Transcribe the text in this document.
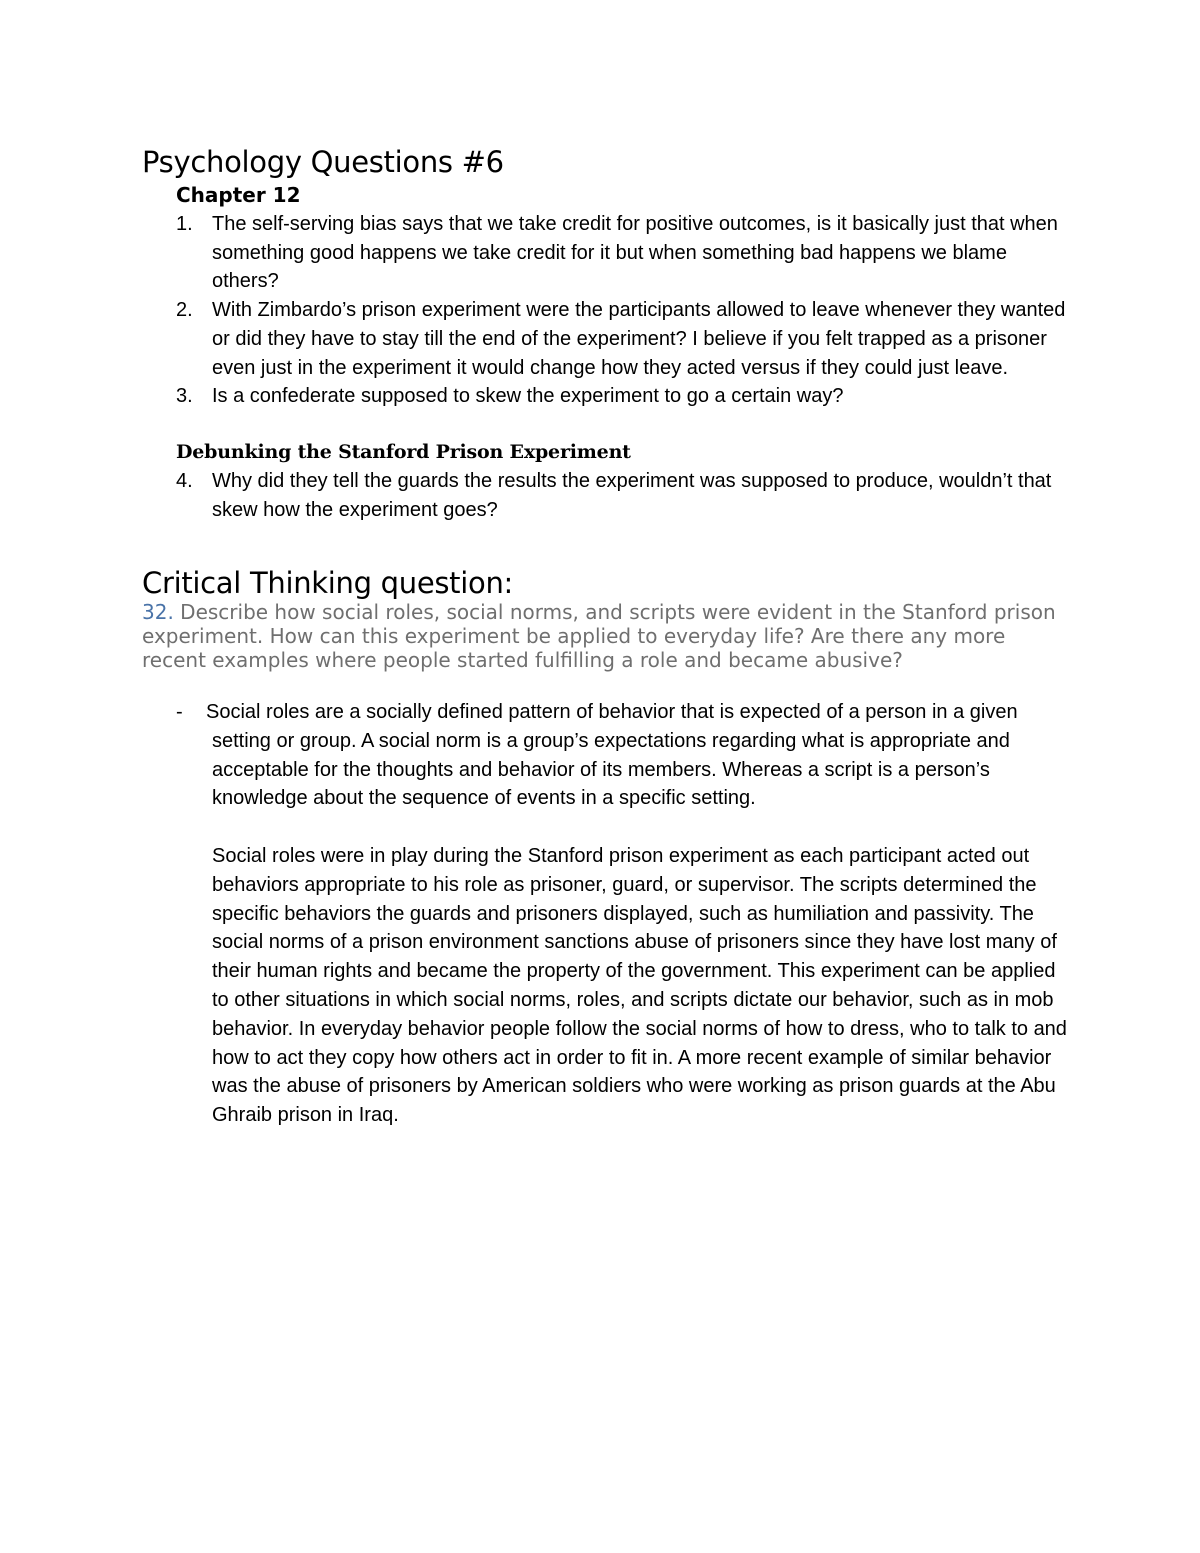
Psychology Questions #6
Chapter 12
1. The self-serving bias says that we take credit for positive outcomes, is it basically just that when something good happens we take credit for it but when something bad happens we blame others?
2. With Zimbardo’s prison experiment were the participants allowed to leave whenever they wanted or did they have to stay till the end of the experiment? I believe if you felt trapped as a prisoner even just in the experiment it would change how they acted versus if they could just leave.
3. Is a confederate supposed to skew the experiment to go a certain way?
Debunking the Stanford Prison Experiment
4. Why did they tell the guards the results the experiment was supposed to produce, wouldn’t that skew how the experiment goes?
Critical Thinking question:
32. Describe how social roles, social norms, and scripts were evident in the Stanford prison experiment. How can this experiment be applied to everyday life? Are there any more recent examples where people started fulfilling a role and became abusive?
- Social roles are a socially defined pattern of behavior that is expected of a person in a given setting or group. A social norm is a group’s expectations regarding what is appropriate and acceptable for the thoughts and behavior of its members. Whereas a script is a person’s knowledge about the sequence of events in a specific setting.

Social roles were in play during the Stanford prison experiment as each participant acted out behaviors appropriate to his role as prisoner, guard, or supervisor. The scripts determined the specific behaviors the guards and prisoners displayed, such as humiliation and passivity. The social norms of a prison environment sanctions abuse of prisoners since they have lost many of their human rights and became the property of the government. This experiment can be applied to other situations in which social norms, roles, and scripts dictate our behavior, such as in mob behavior. In everyday behavior people follow the social norms of how to dress, who to talk to and how to act they copy how others act in order to fit in. A more recent example of similar behavior was the abuse of prisoners by American soldiers who were working as prison guards at the Abu Ghraib prison in Iraq.
